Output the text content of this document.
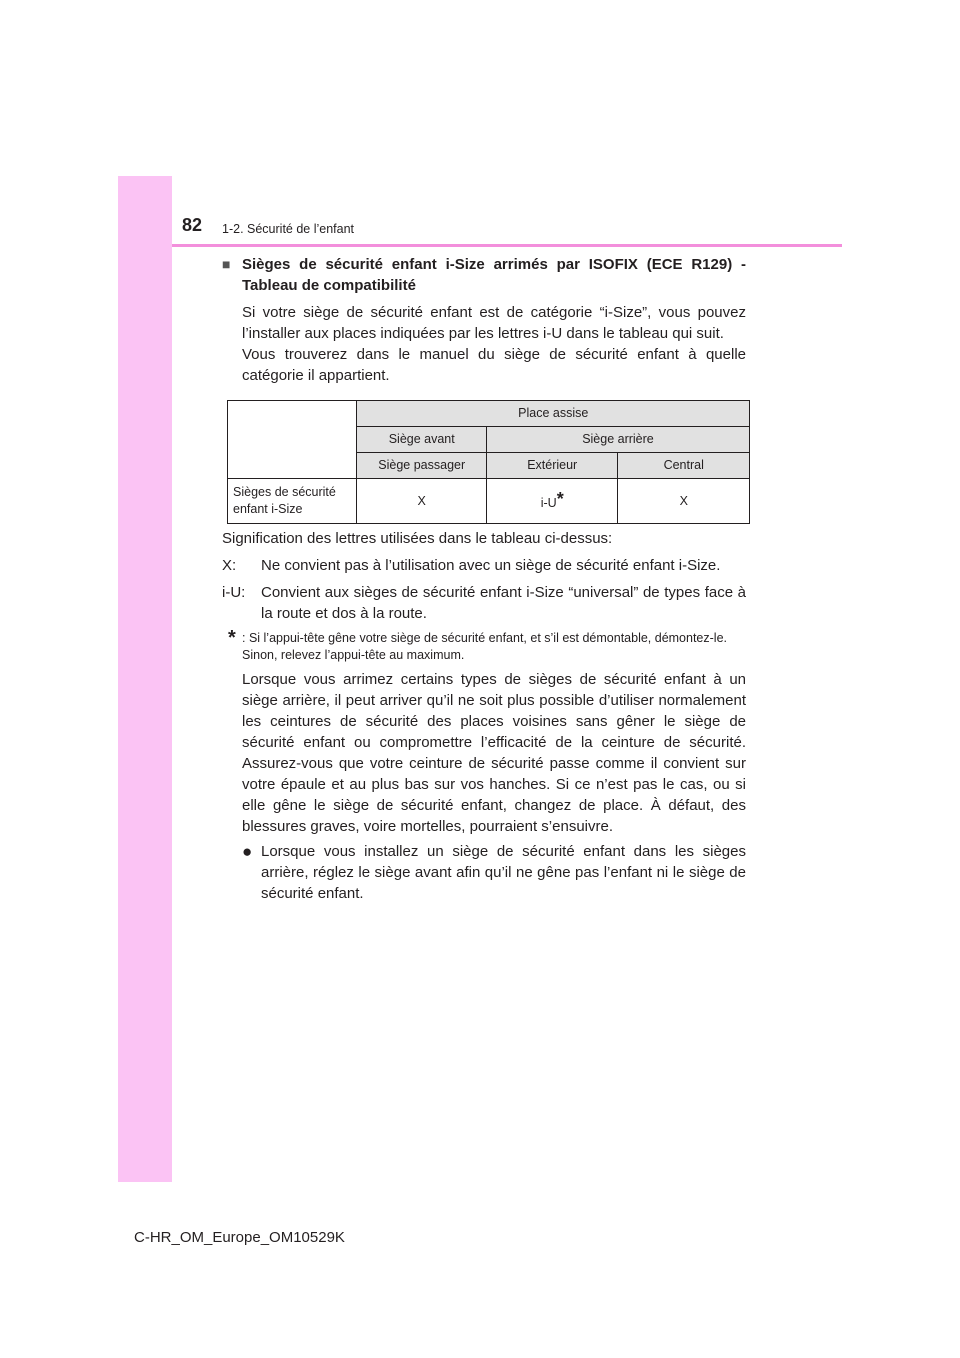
82 1-2. Sécurité de l’enfant
■ Sièges de sécurité enfant i-Size arrimés par ISOFIX (ECE R129) - Tableau de compatibilité
Si votre siège de sécurité enfant est de catégorie “i-Size”, vous pouvez l’installer aux places indiquées par les lettres i-U dans le tableau qui suit.
Vous trouverez dans le manuel du siège de sécurité enfant à quelle catégorie il appartient.
	Place assise		
	Siège avant	Siège arrière	
	Siège passager	Extérieur	Central
Sièges de sécurité enfant i-Size	X	i-U*	X
Signification des lettres utilisées dans le tableau ci-dessus:
X:	Ne convient pas à l’utilisation avec un siège de sécurité enfant i-Size.
i-U:	Convient aux sièges de sécurité enfant i-Size “universal” de types face à la route et dos à la route.
* : Si l’appui-tête gêne votre siège de sécurité enfant, et s’il est démontable, démontez-le.
Sinon, relevez l’appui-tête au maximum.
Lorsque vous arrimez certains types de sièges de sécurité enfant à un siège arrière, il peut arriver qu’il ne soit plus possible d’utiliser normalement les ceintures de sécurité des places voisines sans gêner le siège de sécurité enfant ou compromettre l’efficacité de la ceinture de sécurité. Assurez-vous que votre ceinture de sécurité passe comme il convient sur votre épaule et au plus bas sur vos hanches. Si ce n’est pas le cas, ou si elle gêne le siège de sécurité enfant, changez de place. À défaut, des blessures graves, voire mortelles, pourraient s’ensuivre.
● Lorsque vous installez un siège de sécurité enfant dans les sièges arrière, réglez le siège avant afin qu’il ne gêne pas l’enfant ni le siège de sécurité enfant.
C-HR_OM_Europe_OM10529K
